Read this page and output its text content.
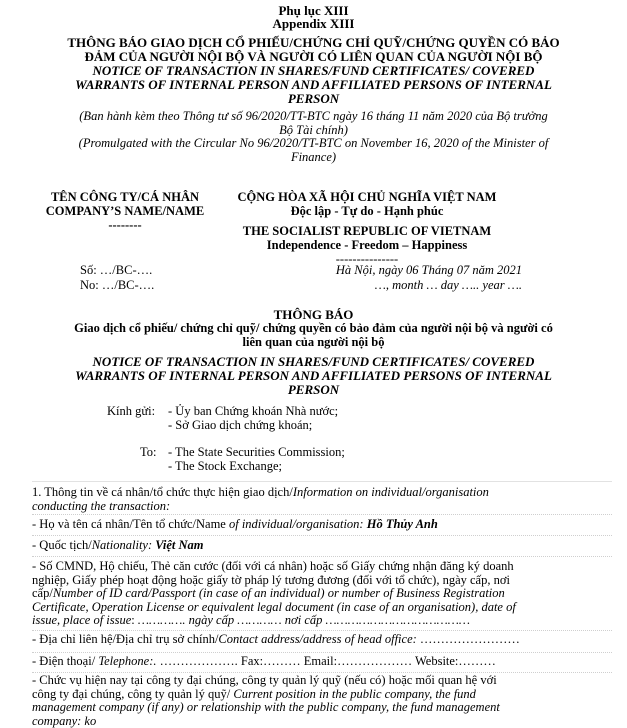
Phụ lục XIII
Appendix XIII
THÔNG BÁO GIAO DỊCH CỔ PHIẾU/CHỨNG CHỈ QUỸ/CHỨNG QUYỀN CÓ BẢO
ĐẢM CỦA NGƯỜI NỘI BỘ VÀ NGƯỜI CÓ LIÊN QUAN CỦA NGƯỜI NỘI BỘ
NOTICE OF TRANSACTION IN SHARES/FUND CERTIFICATES/ COVERED
WARRANTS OF INTERNAL PERSON AND AFFILIATED PERSONS OF INTERNAL
PERSON
(Ban hành kèm theo Thông tư số 96/2020/TT-BTC ngày 16 tháng 11 năm 2020 của Bộ trưởng
Bộ Tài chính)
(Promulgated with the Circular No 96/2020/TT-BTC on November 16, 2020 of the Minister of
Finance)
TÊN CÔNG TY/CÁ NHÂN
COMPANY’S NAME/NAME
--------
CỘNG HÒA XÃ HỘI CHỦ NGHĨA VIỆT NAM
Độc lập - Tự do - Hạnh phúc
THE SOCIALIST REPUBLIC OF VIETNAM
Independence - Freedom – Happiness
---------------
Số: …/BC-….
No: …/BC-….
Hà Nội, ngày 06 Tháng 07 năm 2021
…, month … day ….. year ….
THÔNG BÁO
Giao dịch cổ phiếu/ chứng chỉ quỹ/ chứng quyền có bảo đảm của người nội bộ và người có
liên quan của người nội bộ
NOTICE OF TRANSACTION IN SHARES/FUND CERTIFICATES/ COVERED
WARRANTS OF INTERNAL PERSON AND AFFILIATED PERSONS OF INTERNAL
PERSON
Kính gửi: - Ủy ban Chứng khoán Nhà nước;
- Sở Giao dịch chứng khoán;
To: - The State Securities Commission;
- The Stock Exchange;
1. Thông tin về cá nhân/tổ chức thực hiện giao dịch/Information on individual/organisation
conducting the transaction:
- Họ và tên cá nhân/Tên tổ chức/Name of individual/organisation: Hồ Thủy Anh
- Quốc tịch/Nationality: Việt Nam
- Số CMND, Hộ chiếu, Thẻ căn cước (đối với cá nhân) hoặc số Giấy chứng nhận đăng ký doanh
nghiệp, Giấy phép hoạt động hoặc giấy tờ pháp lý tương đương (đối với tổ chức), ngày cấp, nơi
cấp/Number of ID card/Passport (in case of an individual) or number of Business Registration
Certificate, Operation License or equivalent legal document (in case of an organisation), date of
issue, place of issue: …………. ngày cấp ………… nơi cấp …………………………………
- Địa chỉ liên hệ/Địa chỉ trụ sở chính/Contact address/address of head office: ……………………
- Điện thoại/ Telephone:. ………………. Fax:……… Email:……………… Website:………
- Chức vụ hiện nay tại công ty đại chúng, công ty quản lý quỹ (nếu có) hoặc mối quan hệ với
công ty đại chúng, công ty quản lý quỹ/ Current position in the public company, the fund
management company (if any) or relationship with the public company, the fund management
company: ko
